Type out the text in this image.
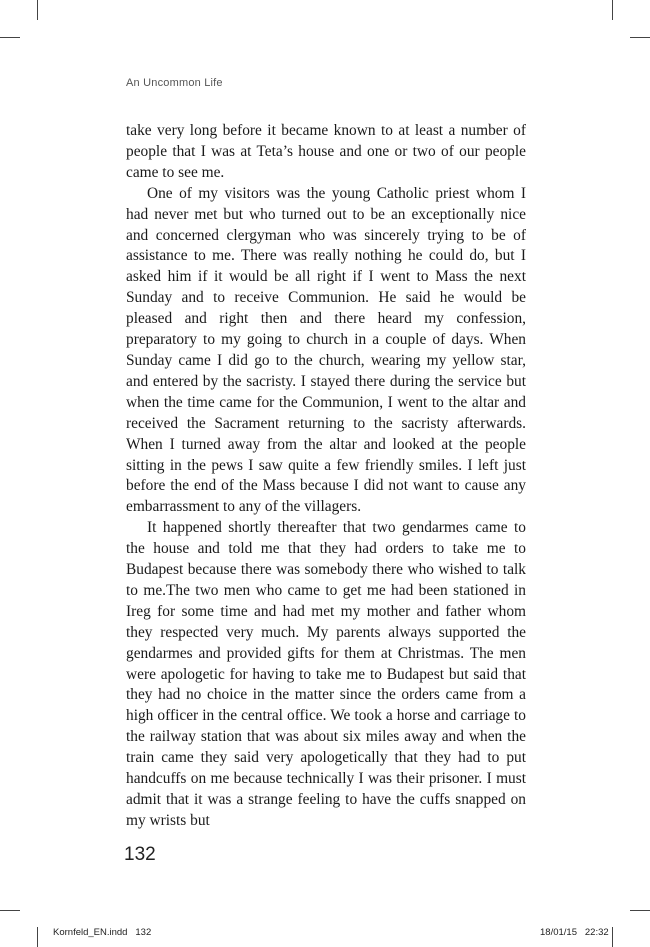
An Uncommon Life

take very long before it became known to at least a number of people that I was at Teta’s house and one or two of our people came to see me.

One of my visitors was the young Catholic priest whom I had never met but who turned out to be an exceptionally nice and concerned clergyman who was sincerely trying to be of assistance to me. There was really nothing he could do, but I asked him if it would be all right if I went to Mass the next Sunday and to receive Communion. He said he would be pleased and right then and there heard my confession, preparatory to my going to church in a couple of days. When Sunday came I did go to the church, wearing my yellow star, and entered by the sacristy. I stayed there during the service but when the time came for the Communion, I went to the altar and received the Sacrament returning to the sacristy afterwards. When I turned away from the altar and looked at the people sitting in the pews I saw quite a few friendly smiles. I left just before the end of the Mass because I did not want to cause any embarrassment to any of the villagers.

It happened shortly thereafter that two gendarmes came to the house and told me that they had orders to take me to Budapest because there was somebody there who wished to talk to me.The two men who came to get me had been stationed in Ireg for some time and had met my mother and father whom they respected very much. My parents always supported the gendarmes and provided gifts for them at Christmas. The men were apologetic for having to take me to Budapest but said that they had no choice in the matter since the orders came from a high officer in the central office. We took a horse and carriage to the railway station that was about six miles away and when the train came they said very apologetically that they had to put handcuffs on me because technically I was their prisoner. I must admit that it was a strange feeling to have the cuffs snapped on my wrists but

132
Kornfeld_EN.indd   132	18/01/15   22:32
